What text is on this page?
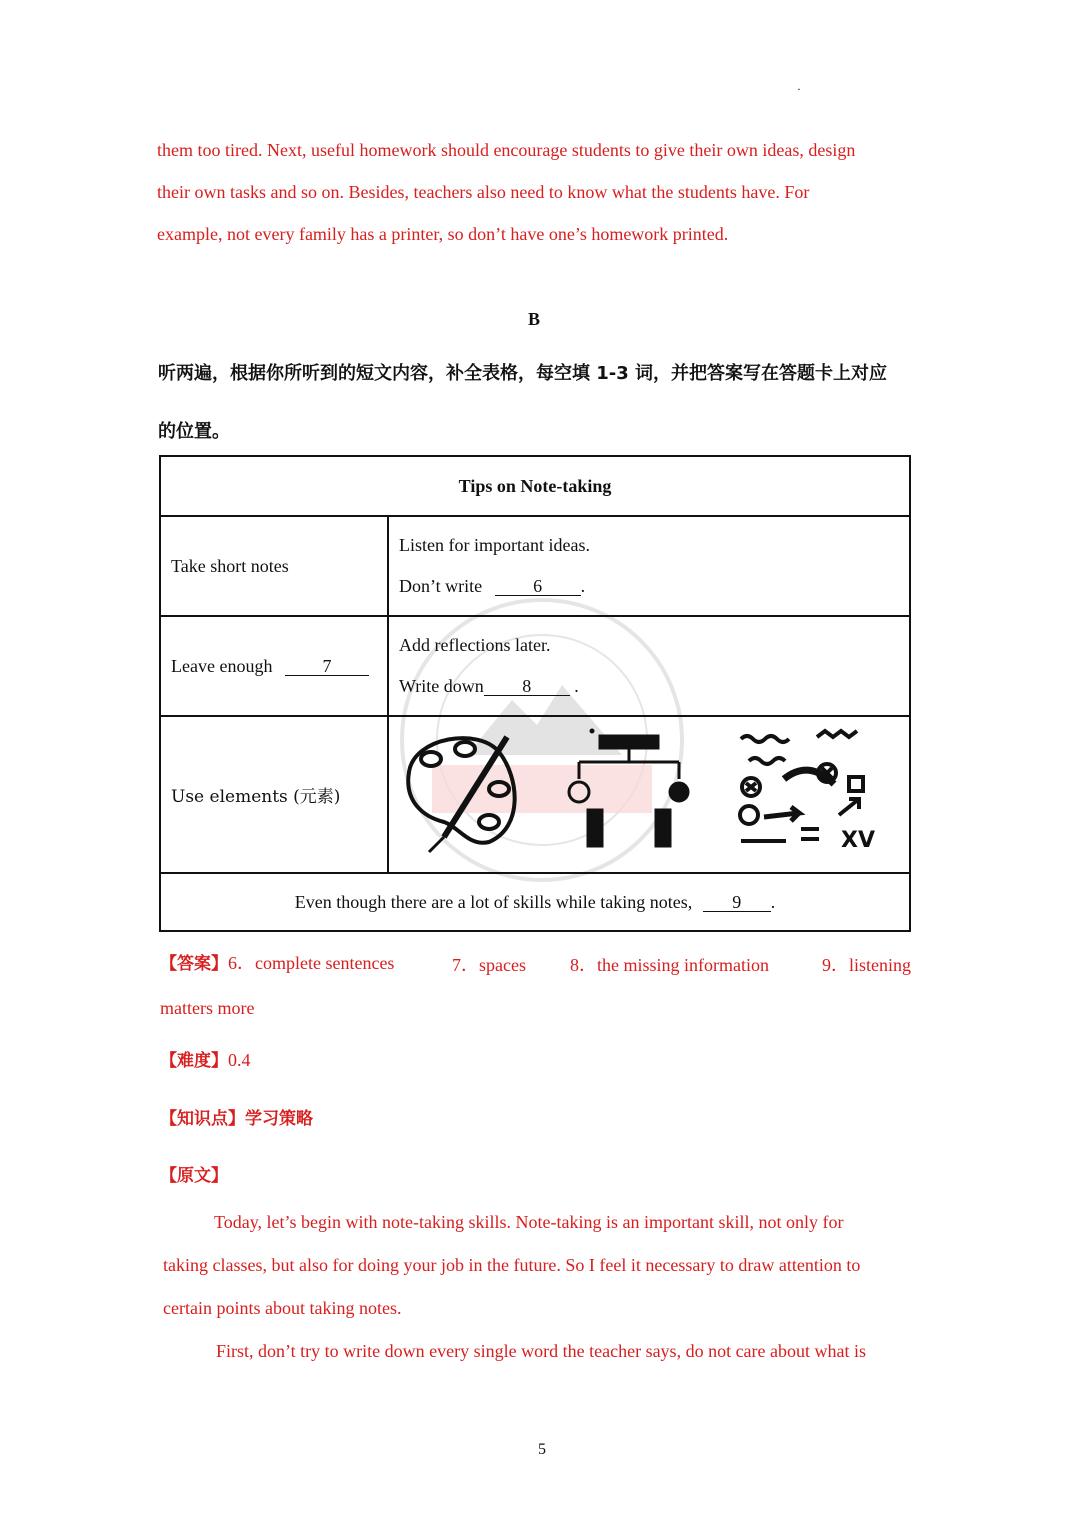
·
them too tired. Next, useful homework should encourage students to give their own ideas, design
their own tasks and so on. Besides, teachers also need to know what the students have. For
example, not every family has a printer, so don’t have one’s homework printed.
B
听两遍，根据你所听到的短文内容，补全表格，每空填 1-3 词，并把答案写在答题卡上对应
的位置。
Tips on Note-taking	
Take short notes	Listen for important ideas.
Don’t write 6 .

Leave enough 7	Add reflections later.
Write down 8 .

Use elements (元素)	XV

Even though there are a lot of skills while taking notes, 9 .	
【答案】6．complete sentences	7．spaces 8．the missing information	9．listening
matters more
【难度】0.4
【知识点】学习策略
【原文】
Today, let’s begin with note-taking skills. Note-taking is an important skill, not only for
taking classes, but also for doing your job in the future. So I feel it necessary to draw attention to
certain points about taking notes.
First, don’t try to write down every single word the teacher says, do not care about what is
5
